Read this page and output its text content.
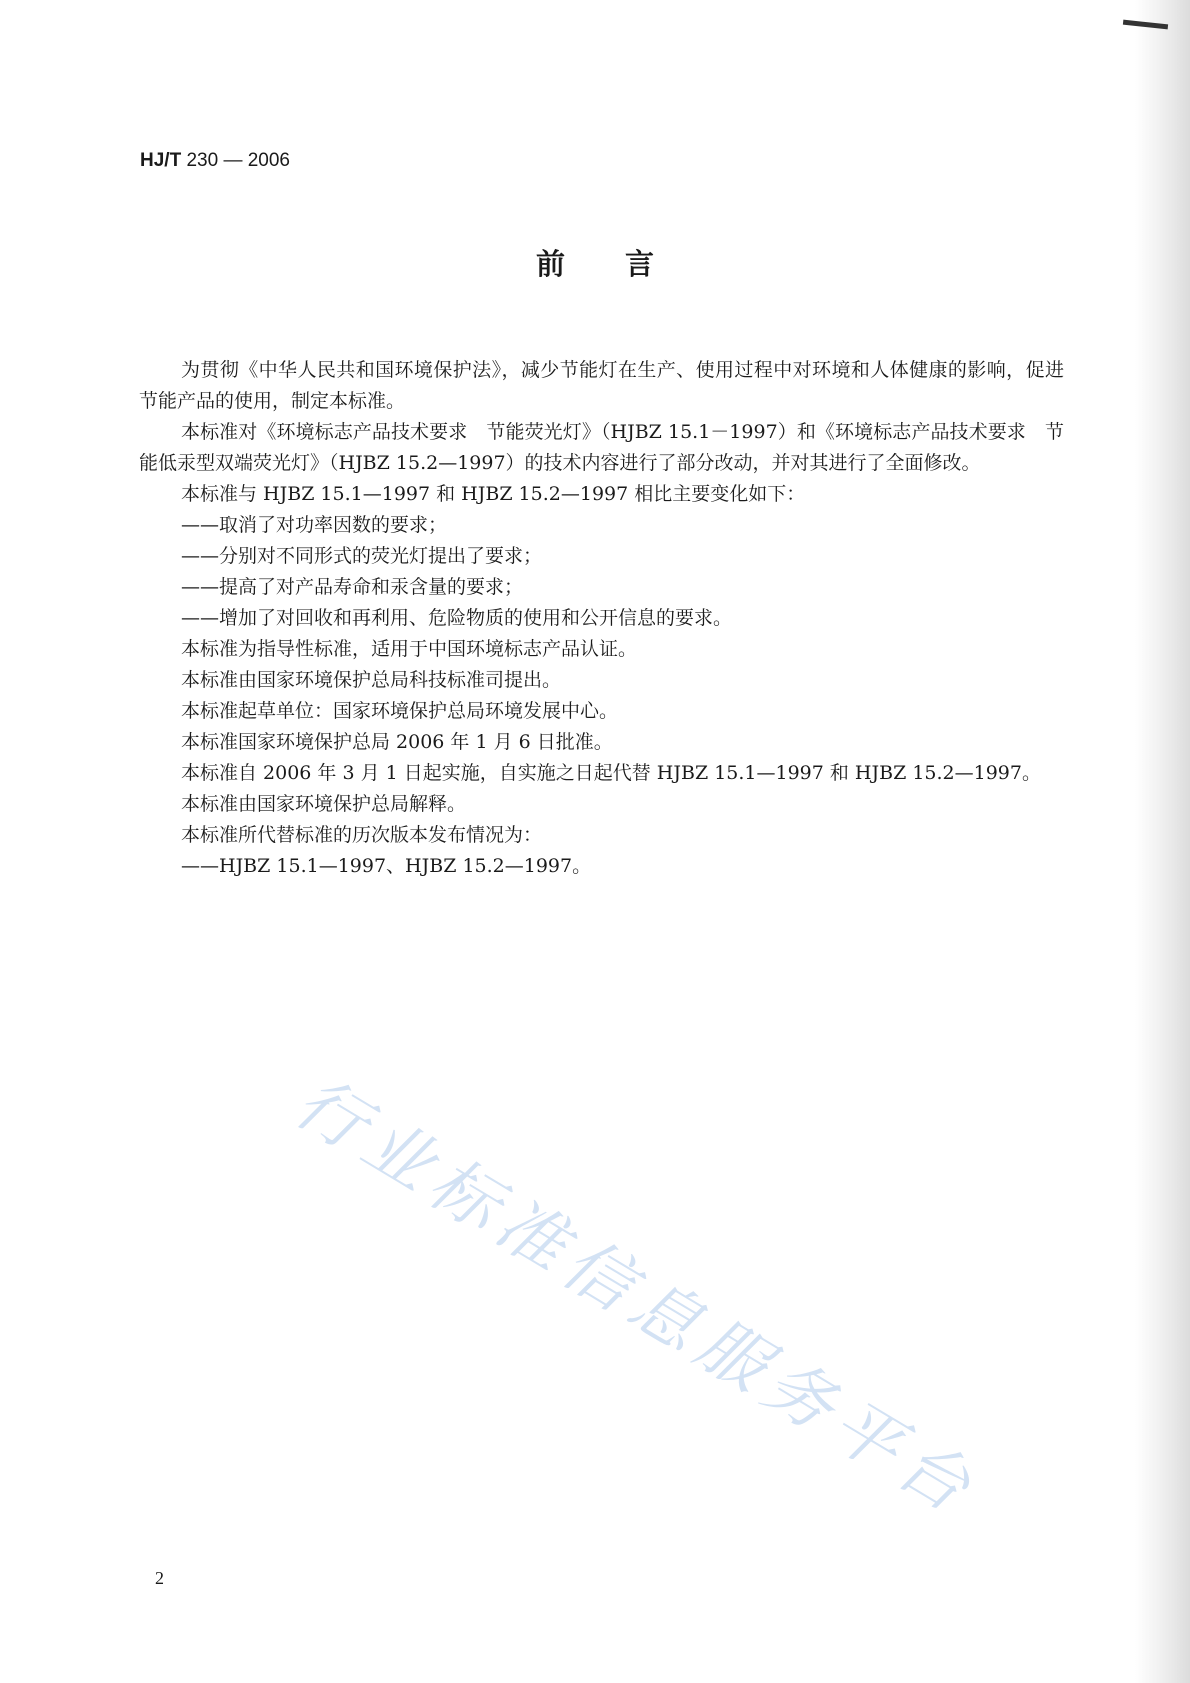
HJ/T 230 — 2006
前言

为贯彻《中华人民共和国环境保护法》，减少节能灯在生产、使用过程中对环境和人体健康的影响，促进节能产品的使用，制定本标准。

本标准对《环境标志产品技术要求　节能荧光灯》（HJBZ 15.1－1997）和《环境标志产品技术要求　节能低汞型双端荧光灯》（HJBZ 15.2—1997）的技术内容进行了部分改动，并对其进行了全面修改。

本标准与 HJBZ 15.1—1997 和 HJBZ 15.2—1997 相比主要变化如下：

——取消了对功率因数的要求；

——分别对不同形式的荧光灯提出了要求；

——提高了对产品寿命和汞含量的要求；

——增加了对回收和再利用、危险物质的使用和公开信息的要求。

本标准为指导性标准，适用于中国环境标志产品认证。

本标准由国家环境保护总局科技标准司提出。

本标准起草单位：国家环境保护总局环境发展中心。

本标准国家环境保护总局 2006 年 1 月 6 日批准。

本标准自 2006 年 3 月 1 日起实施，自实施之日起代替 HJBZ 15.1—1997 和 HJBZ 15.2—1997。

本标准由国家环境保护总局解释。

本标准所代替标准的历次版本发布情况为：

——HJBZ 15.1—1997、HJBZ 15.2—1997。

行业标准信息服务平台
2
